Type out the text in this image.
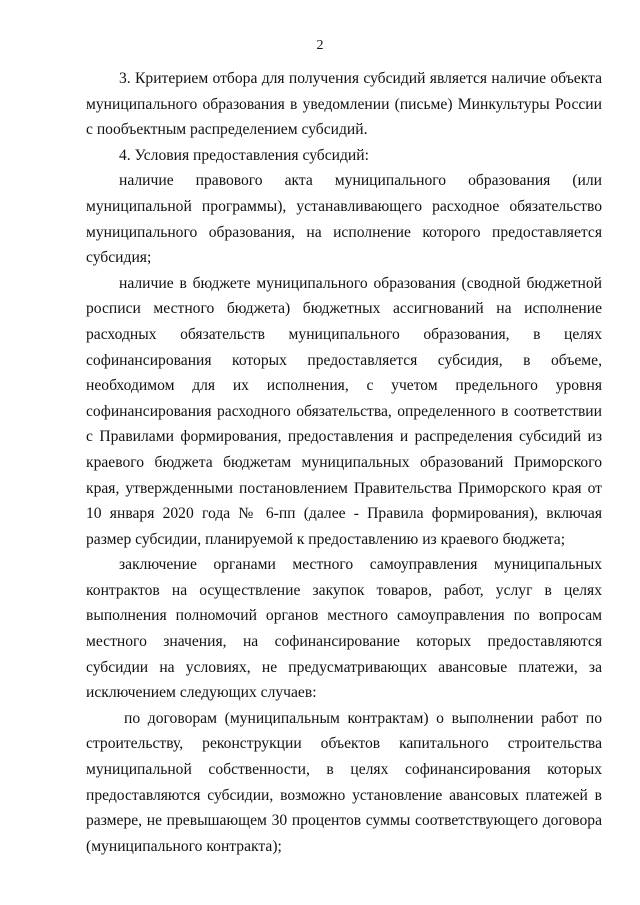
2

3. Критерием отбора для получения субсидий является наличие объекта муниципального образования в уведомлении (письме) Минкультуры России с пообъектным распределением субсидий.

4. Условия предоставления субсидий:

наличие правового акта муниципального образования (или муниципальной программы), устанавливающего расходное обязательство муниципального образования, на исполнение которого предоставляется субсидия;

наличие в бюджете муниципального образования (сводной бюджетной росписи местного бюджета) бюджетных ассигнований на исполнение расходных обязательств муниципального образования, в целях софинансирования которых предоставляется субсидия, в объеме, необходимом для их исполнения, с учетом предельного уровня софинансирования расходного обязательства, определенного в соответствии с Правилами формирования, предоставления и распределения субсидий из краевого бюджета бюджетам муниципальных образований Приморского края, утвержденными постановлением Правительства Приморского края от 10 января 2020 года № 6-пп (далее - Правила формирования), включая размер субсидии, планируемой к предоставлению из краевого бюджета;

заключение органами местного самоуправления муниципальных контрактов на осуществление закупок товаров, работ, услуг в целях выполнения полномочий органов местного самоуправления по вопросам местного значения, на софинансирование которых предоставляются субсидии на условиях, не предусматривающих авансовые платежи, за исключением следующих случаев:

по договорам (муниципальным контрактам) о выполнении работ по строительству, реконструкции объектов капитального строительства муниципальной собственности, в целях софинансирования которых предоставляются субсидии, возможно установление авансовых платежей в размере, не превышающем 30 процентов суммы соответствующего договора (муниципального контракта);
